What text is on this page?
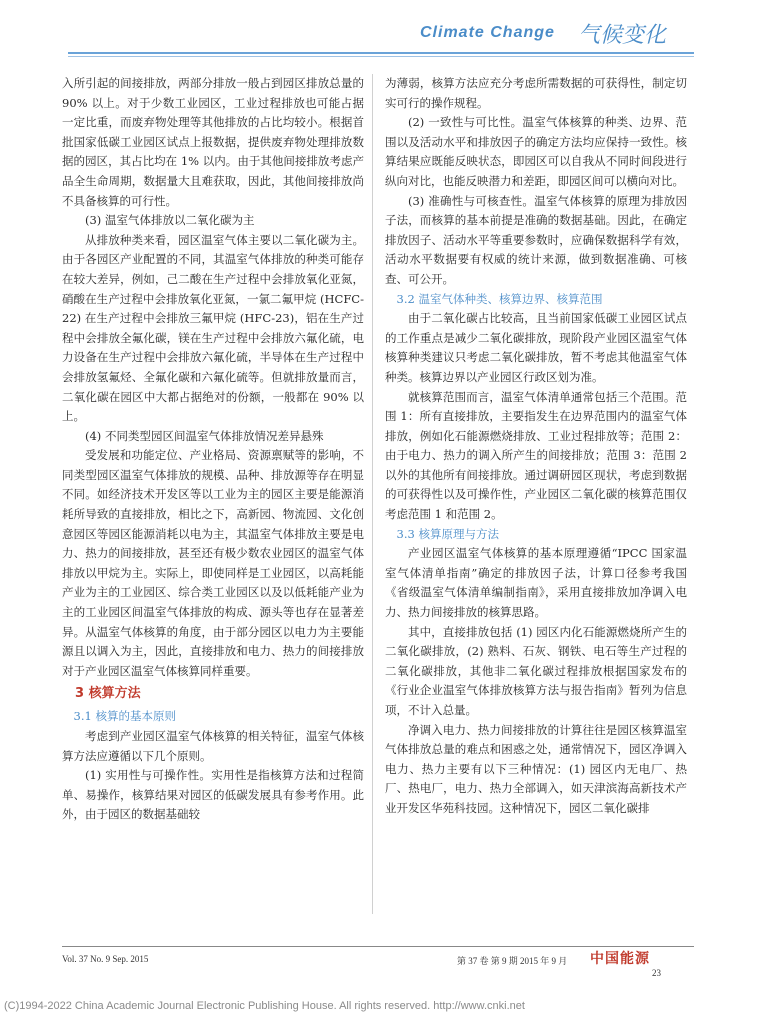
Climate Change 气候变化

入所引起的间接排放，两部分排放一般占到园区排放总量的 90% 以上。对于少数工业园区，工业过程排放也可能占据一定比重，而废弃物处理等其他排放的占比均较小。根据首批国家低碳工业园区试点上报数据，提供废弃物处理排放数据的园区，其占比均在 1% 以内。由于其他间接排放考虑产品全生命周期，数据量大且难获取，因此，其他间接排放尚不具备核算的可行性。

(3) 温室气体排放以二氧化碳为主

从排放种类来看，园区温室气体主要以二氧化碳为主。由于各园区产业配置的不同，其温室气体排放的种类可能存在较大差异，例如，己二酸在生产过程中会排放氧化亚氮，硝酸在生产过程中会排放氧化亚氮，一氯二氟甲烷 (HCFC-22) 在生产过程中会排放三氟甲烷 (HFC-23)，铝在生产过程中会排放全氟化碳，镁在生产过程中会排放六氟化硫，电力设备在生产过程中会排放六氟化硫，半导体在生产过程中会排放氢氟烃、全氟化碳和六氟化硫等。但就排放量而言，二氧化碳在园区中大都占据绝对的份额，一般都在 90% 以上。

(4) 不同类型园区间温室气体排放情况差异悬殊

受发展和功能定位、产业格局、资源禀赋等的影响，不同类型园区温室气体排放的规模、品种、排放源等存在明显不同。如经济技术开发区等以工业为主的园区主要是能源消耗所导致的直接排放，相比之下，高新园、物流园、文化创意园区等园区能源消耗以电为主，其温室气体排放主要是电力、热力的间接排放，甚至还有极少数农业园区的温室气体排放以甲烷为主。实际上，即使同样是工业园区，以高耗能产业为主的工业园区、综合类工业园区以及以低耗能产业为主的工业园区间温室气体排放的构成、源头等也存在显著差异。从温室气体核算的角度，由于部分园区以电力为主要能源且以调入为主，因此，直接排放和电力、热力的间接排放对于产业园区温室气体核算同样重要。

3 核算方法

3.1 核算的基本原则

考虑到产业园区温室气体核算的相关特征，温室气体核算方法应遵循以下几个原则。

(1) 实用性与可操作性。实用性是指核算方法和过程简单、易操作，核算结果对园区的低碳发展具有参考作用。此外，由于园区的数据基础较

为薄弱，核算方法应充分考虑所需数据的可获得性，制定切实可行的操作规程。

(2) 一致性与可比性。温室气体核算的种类、边界、范围以及活动水平和排放因子的确定方法均应保持一致性。核算结果应既能反映状态，即园区可以自我从不同时间段进行纵向对比，也能反映潜力和差距，即园区间可以横向对比。

(3) 准确性与可核查性。温室气体核算的原理为排放因子法，而核算的基本前提是准确的数据基础。因此，在确定排放因子、活动水平等重要参数时，应确保数据科学有效，活动水平数据要有权威的统计来源，做到数据准确、可核查、可公开。

3.2 温室气体种类、核算边界、核算范围

由于二氧化碳占比较高，且当前国家低碳工业园区试点的工作重点是减少二氧化碳排放，现阶段产业园区温室气体核算种类建议只考虑二氧化碳排放，暂不考虑其他温室气体种类。核算边界以产业园区行政区划为准。

就核算范围而言，温室气体清单通常包括三个范围。范围 1：所有直接排放，主要指发生在边界范围内的温室气体排放，例如化石能源燃烧排放、工业过程排放等；范围 2：由于电力、热力的调入所产生的间接排放；范围 3：范围 2 以外的其他所有间接排放。通过调研园区现状，考虑到数据的可获得性以及可操作性，产业园区二氧化碳的核算范围仅考虑范围 1 和范围 2。

3.3 核算原理与方法

产业园区温室气体核算的基本原理遵循“IPCC 国家温室气体清单指南”确定的排放因子法，计算口径参考我国《省级温室气体清单编制指南》，采用直接排放加净调入电力、热力间接排放的核算思路。

其中，直接排放包括 (1) 园区内化石能源燃烧所产生的二氧化碳排放，(2) 熟料、石灰、钢铁、电石等生产过程的二氧化碳排放，其他非二氧化碳过程排放根据国家发布的《行业企业温室气体排放核算方法与报告指南》暂列为信息项，不计入总量。

净调入电力、热力间接排放的计算往往是园区核算温室气体排放总量的难点和困惑之处，通常情况下，园区净调入电力、热力主要有以下三种情况：(1) 园区内无电厂、热厂、热电厂，电力、热力全部调入，如天津滨海高新技术产业开发区华苑科技园。这种情况下，园区二氧化碳排

Vol. 37 No. 9 Sep. 2015	第 37 卷 第 9 期 2015 年 9 月 中国能源
23
(C)1994-2022 China Academic Journal Electronic Publishing House. All rights reserved. http://www.cnki.net
